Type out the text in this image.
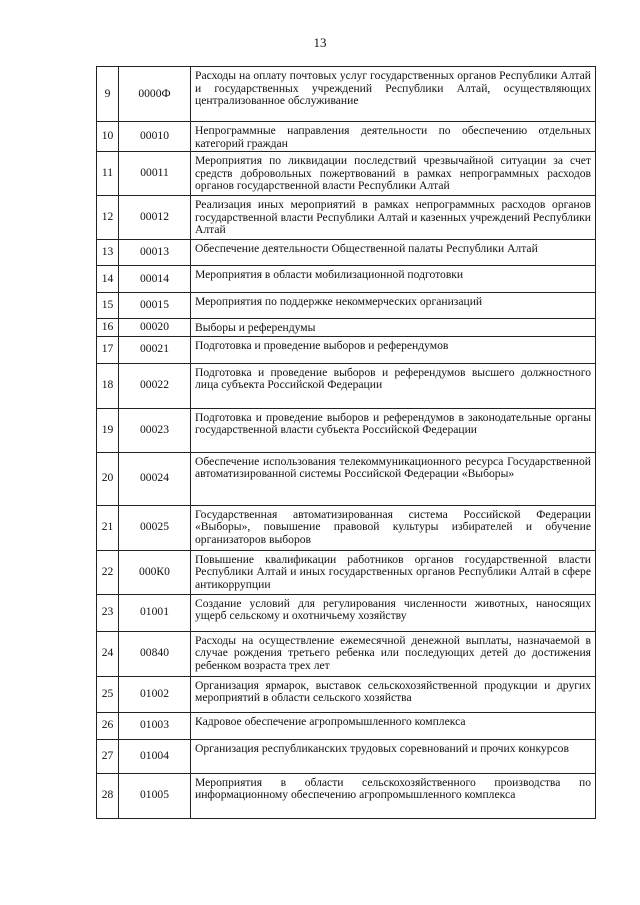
13
9	0000Ф	Расходы на оплату почтовых услуг государственных органов Республики Алтай и государственных учреждений Республики Алтай, осуществляющих централизованное обслуживание
10	00010	Непрограммные направления деятельности по обеспечению отдельных категорий граждан
11	00011	Мероприятия по ликвидации последствий чрезвычайной ситуации за счет средств добровольных пожертвований в рамках непрограммных расходов органов государственной власти Республики Алтай
12	00012	Реализация иных мероприятий в рамках непрограммных расходов органов государственной власти Республики Алтай и казенных учреждений Республики Алтай
13	00013	Обеспечение деятельности Общественной палаты Республики Алтай
14	00014	Мероприятия в области мобилизационной подготовки
15	00015	Мероприятия по поддержке некоммерческих организаций
16	00020	Выборы и референдумы
17	00021	Подготовка и проведение выборов и референдумов
18	00022	Подготовка и проведение выборов и референдумов высшего должностного лица субъекта Российской Федерации
19	00023	Подготовка и проведение выборов и референдумов в законодательные органы государственной власти субъекта Российской Федерации
20	00024	Обеспечение использования телекоммуникационного ресурса Государственной автоматизированной системы Российской Федерации «Выборы»
21	00025	Государственная автоматизированная система Российской Федерации «Выборы», повышение правовой культуры избирателей и обучение организаторов выборов
22	000К0	Повышение квалификации работников органов государственной власти Республики Алтай и иных государственных органов Республики Алтай в сфере антикоррупции
23	01001	Создание условий для регулирования численности животных, наносящих ущерб сельскому и охотничьему хозяйству
24	00840	Расходы на осуществление ежемесячной денежной выплаты, назначаемой в случае рождения третьего ребенка или последующих детей до достижения ребенком возраста трех лет
25	01002	Организация ярмарок, выставок сельскохозяйственной продукции и других мероприятий в области сельского хозяйства
26	01003	Кадровое обеспечение агропромышленного комплекса
27	01004	Организация республиканских трудовых соревнований и прочих конкурсов
28	01005	Мероприятия в области сельскохозяйственного производства по информационному обеспечению агропромышленного комплекса
